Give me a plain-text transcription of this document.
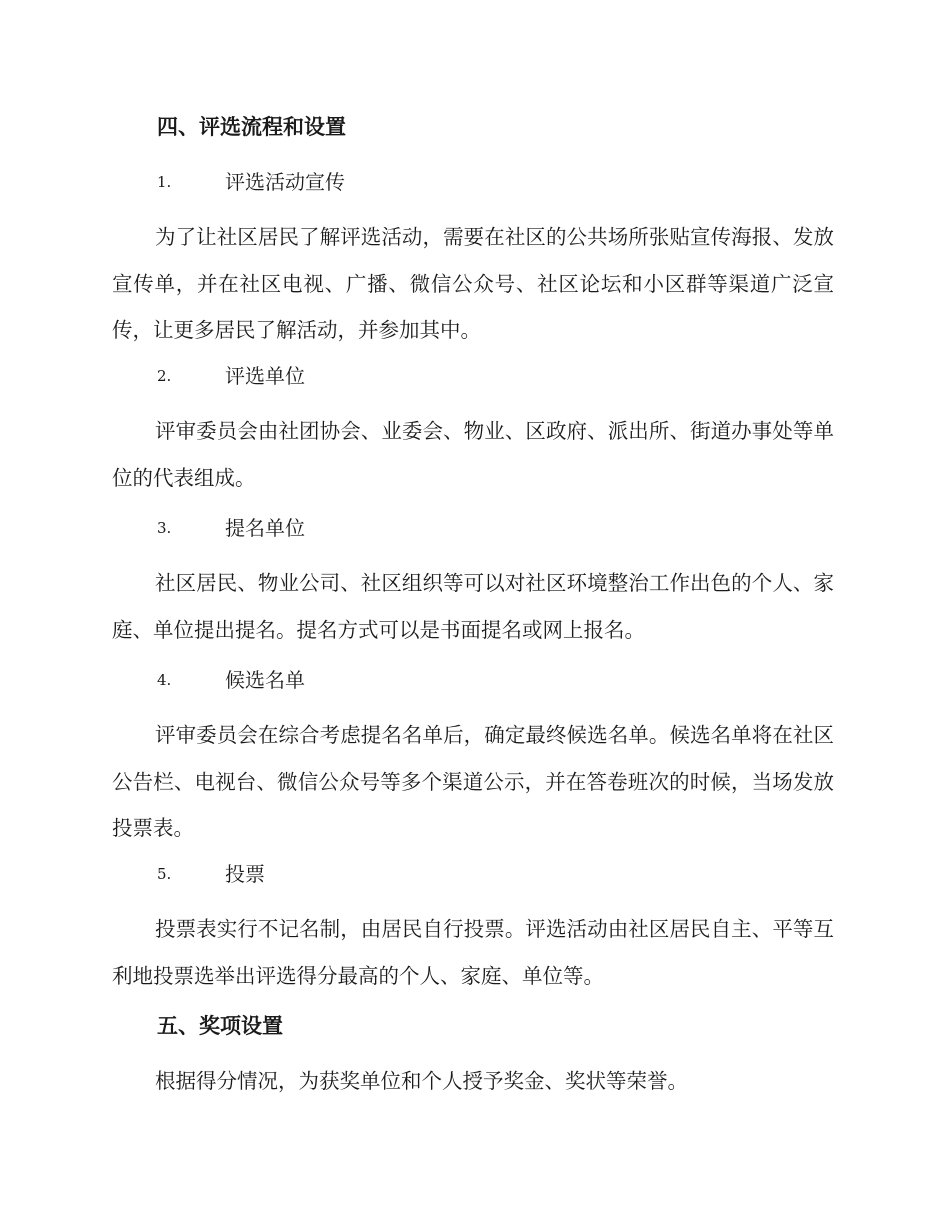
四、评选流程和设置
1.	评选活动宣传

为了让社区居民了解评选活动，需要在社区的公共场所张贴宣传海报、发放宣传单，并在社区电视、广播、微信公众号、社区论坛和小区群等渠道广泛宣传，让更多居民了解活动，并参加其中。

2.	评选单位

评审委员会由社团协会、业委会、物业、区政府、派出所、街道办事处等单位的代表组成。

3.	提名单位

社区居民、物业公司、社区组织等可以对社区环境整治工作出色的个人、家庭、单位提出提名。提名方式可以是书面提名或网上报名。

4.	候选名单

评审委员会在综合考虑提名名单后，确定最终候选名单。候选名单将在社区公告栏、电视台、微信公众号等多个渠道公示，并在答卷班次的时候，当场发放投票表。

5.	投票

投票表实行不记名制，由居民自行投票。评选活动由社区居民自主、平等互利地投票选举出评选得分最高的个人、家庭、单位等。

五、奖项设置

根据得分情况，为获奖单位和个人授予奖金、奖状等荣誉。
